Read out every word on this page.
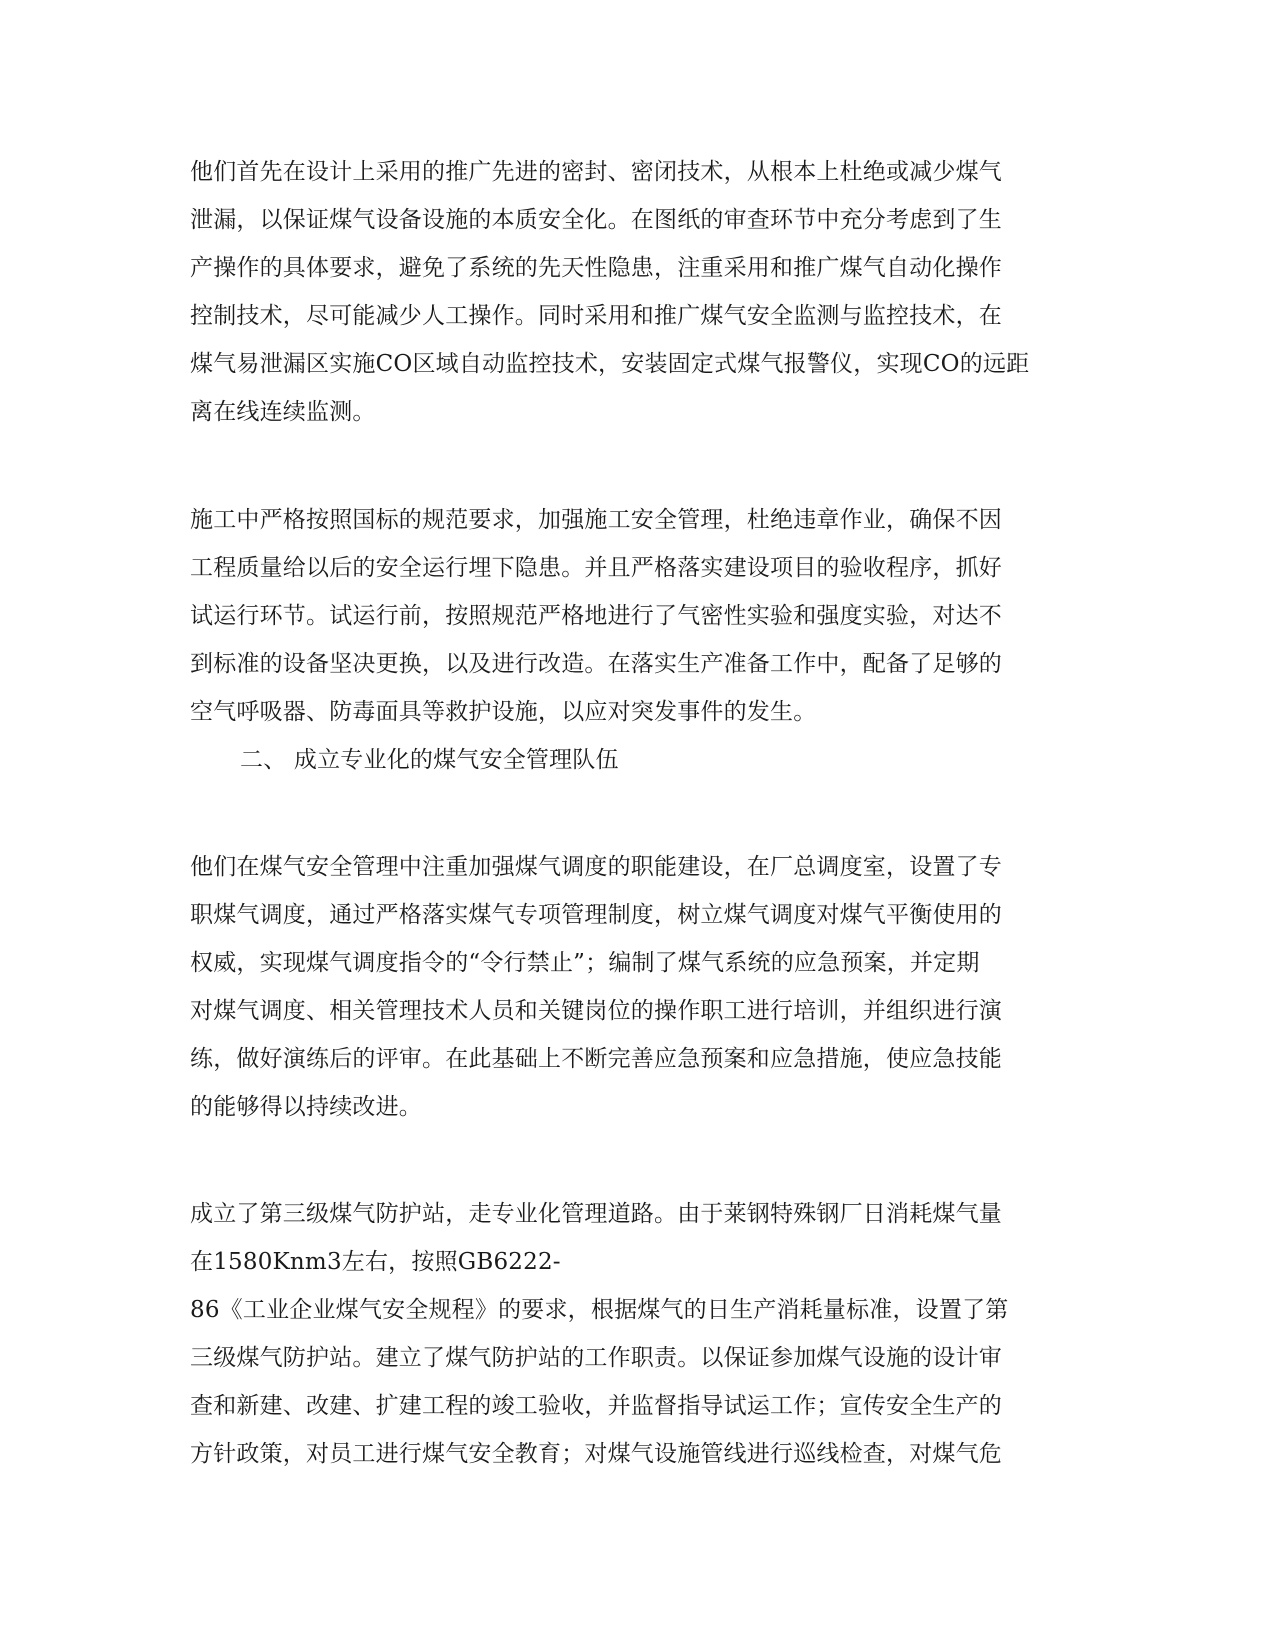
他们首先在设计上采用的推广先进的密封、密闭技术，从根本上杜绝或减少煤气
泄漏，以保证煤气设备设施的本质安全化。在图纸的审查环节中充分考虑到了生
产操作的具体要求，避免了系统的先天性隐患，注重采用和推广煤气自动化操作
控制技术，尽可能减少人工操作。同时采用和推广煤气安全监测与监控技术，在
煤气易泄漏区实施CO区域自动监控技术，安装固定式煤气报警仪，实现CO的远距
离在线连续监测。
施工中严格按照国标的规范要求，加强施工安全管理，杜绝违章作业，确保不因
工程质量给以后的安全运行埋下隐患。并且严格落实建设项目的验收程序，抓好
试运行环节。试运行前，按照规范严格地进行了气密性实验和强度实验，对达不
到标准的设备坚决更换，以及进行改造。在落实生产准备工作中，配备了足够的
空气呼吸器、防毒面具等救护设施，以应对突发事件的发生。
二、 成立专业化的煤气安全管理队伍
他们在煤气安全管理中注重加强煤气调度的职能建设，在厂总调度室，设置了专
职煤气调度，通过严格落实煤气专项管理制度，树立煤气调度对煤气平衡使用的
权威，实现煤气调度指令的“令行禁止”；编制了煤气系统的应急预案，并定期
对煤气调度、相关管理技术人员和关键岗位的操作职工进行培训，并组织进行演
练，做好演练后的评审。在此基础上不断完善应急预案和应急措施，使应急技能
的能够得以持续改进。
成立了第三级煤气防护站，走专业化管理道路。由于莱钢特殊钢厂日消耗煤气量
在1580Knm3左右，按照GB6222-
86《工业企业煤气安全规程》的要求，根据煤气的日生产消耗量标准，设置了第
三级煤气防护站。建立了煤气防护站的工作职责。以保证参加煤气设施的设计审
查和新建、改建、扩建工程的竣工验收，并监督指导试运工作；宣传安全生产的
方针政策，对员工进行煤气安全教育；对煤气设施管线进行巡线检查，对煤气危
